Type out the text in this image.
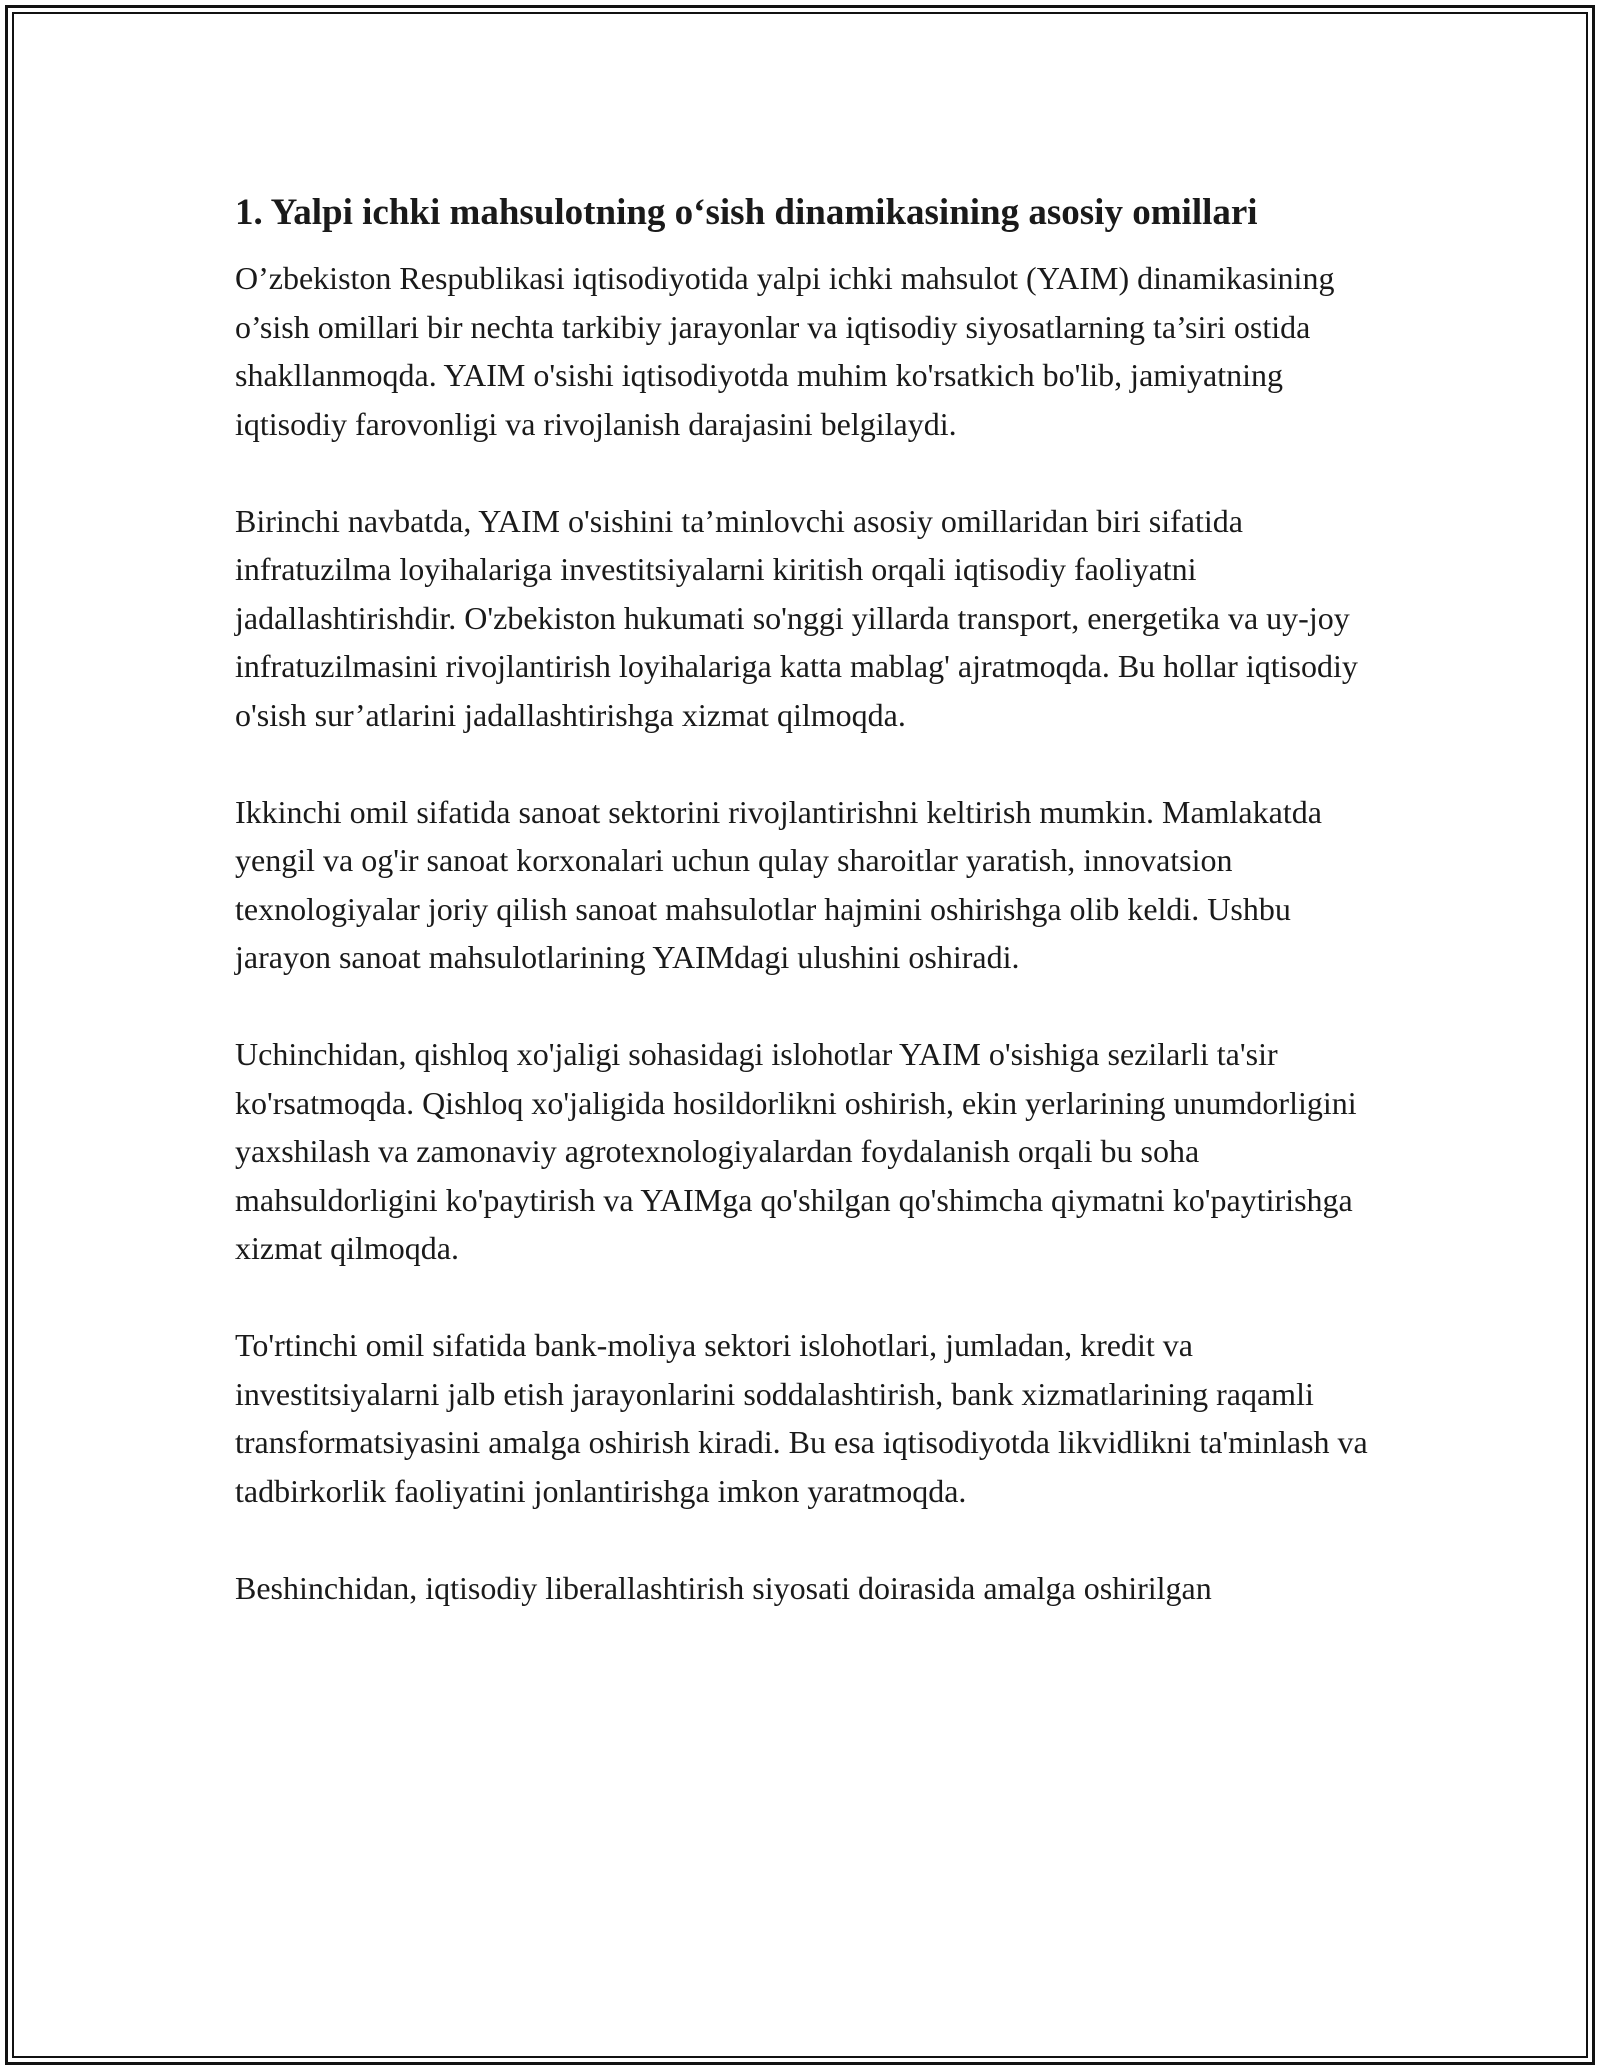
1. Yalpi ichki mahsulotning o‘sish dinamikasining asosiy omillari

O’zbekiston Respublikasi iqtisodiyotida yalpi ichki mahsulot (YAIM) dinamikasining o’sish omillari bir nechta tarkibiy jarayonlar va iqtisodiy siyosatlarning ta’siri ostida shakllanmoqda. YAIM o'sishi iqtisodiyotda muhim ko'rsatkich bo'lib, jamiyatning iqtisodiy farovonligi va rivojlanish darajasini belgilaydi.

Birinchi navbatda, YAIM o'sishini ta’minlovchi asosiy omillaridan biri sifatida infratuzilma loyihalariga investitsiyalarni kiritish orqali iqtisodiy faoliyatni jadallashtirishdir. O'zbekiston hukumati so'nggi yillarda transport, energetika va uy-joy infratuzilmasini rivojlantirish loyihalariga katta mablag' ajratmoqda. Bu hollar iqtisodiy o'sish sur’atlarini jadallashtirishga xizmat qilmoqda.

Ikkinchi omil sifatida sanoat sektorini rivojlantirishni keltirish mumkin. Mamlakatda yengil va og'ir sanoat korxonalari uchun qulay sharoitlar yaratish, innovatsion texnologiyalar joriy qilish sanoat mahsulotlar hajmini oshirishga olib keldi. Ushbu jarayon sanoat mahsulotlarining YAIMdagi ulushini oshiradi.

Uchinchidan, qishloq xo'jaligi sohasidagi islohotlar YAIM o'sishiga sezilarli ta'sir ko'rsatmoqda. Qishloq xo'jaligida hosildorlikni oshirish, ekin yerlarining unumdorligini yaxshilash va zamonaviy agrotexnologiyalardan foydalanish orqali bu soha mahsuldorligini ko'paytirish va YAIMga qo'shilgan qo'shimcha qiymatni ko'paytirishga xizmat qilmoqda.

To'rtinchi omil sifatida bank-moliya sektori islohotlari, jumladan, kredit va investitsiyalarni jalb etish jarayonlarini soddalashtirish, bank xizmatlarining raqamli transformatsiyasini amalga oshirish kiradi. Bu esa iqtisodiyotda likvidlikni ta'minlash va tadbirkorlik faoliyatini jonlantirishga imkon yaratmoqda.

Beshinchidan, iqtisodiy liberallashtirish siyosati doirasida amalga oshirilgan
